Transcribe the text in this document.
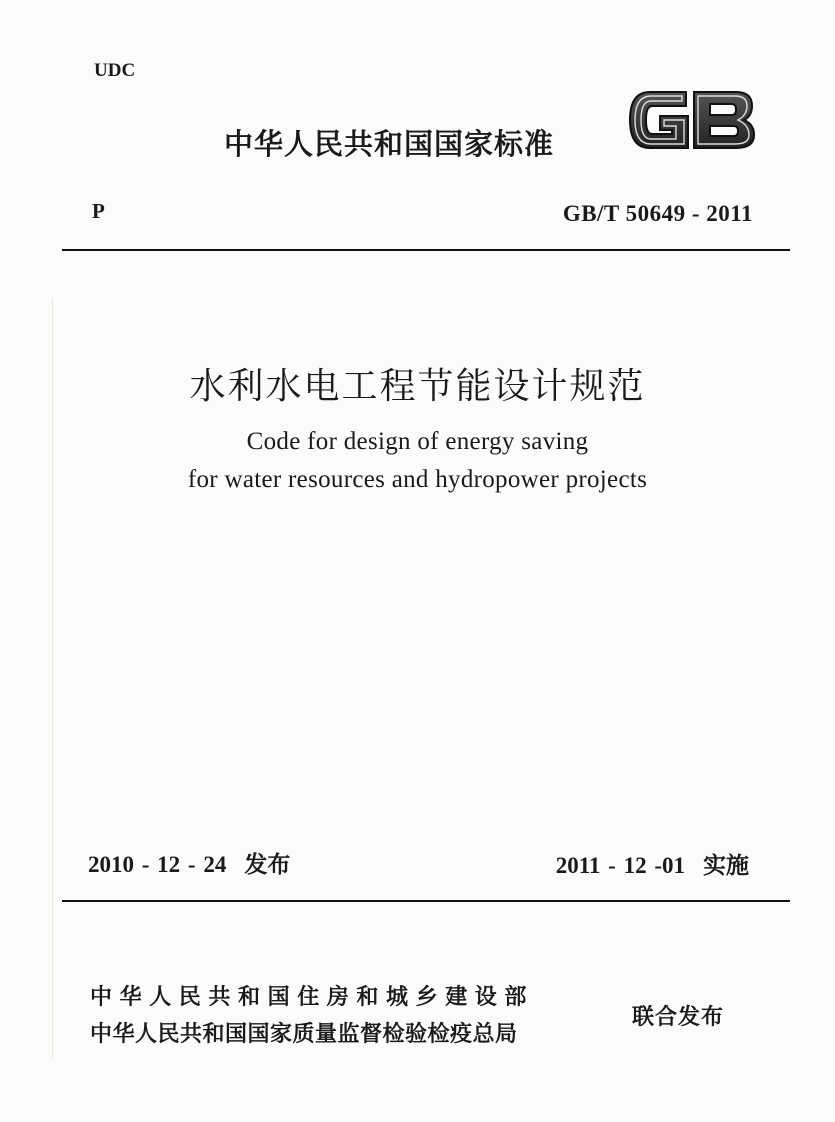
UDC
中华人民共和国国家标准
P	GB/T 50649 - 2011
水利水电工程节能设计规范
Code for design of energy saving
for water resources and hydropower projects
2010 - 12 - 24 发布	2011 - 12 -01 实施
中华人民共和国住房和城乡建设部
中华人民共和国国家质量监督检验检疫总局
联合发布
